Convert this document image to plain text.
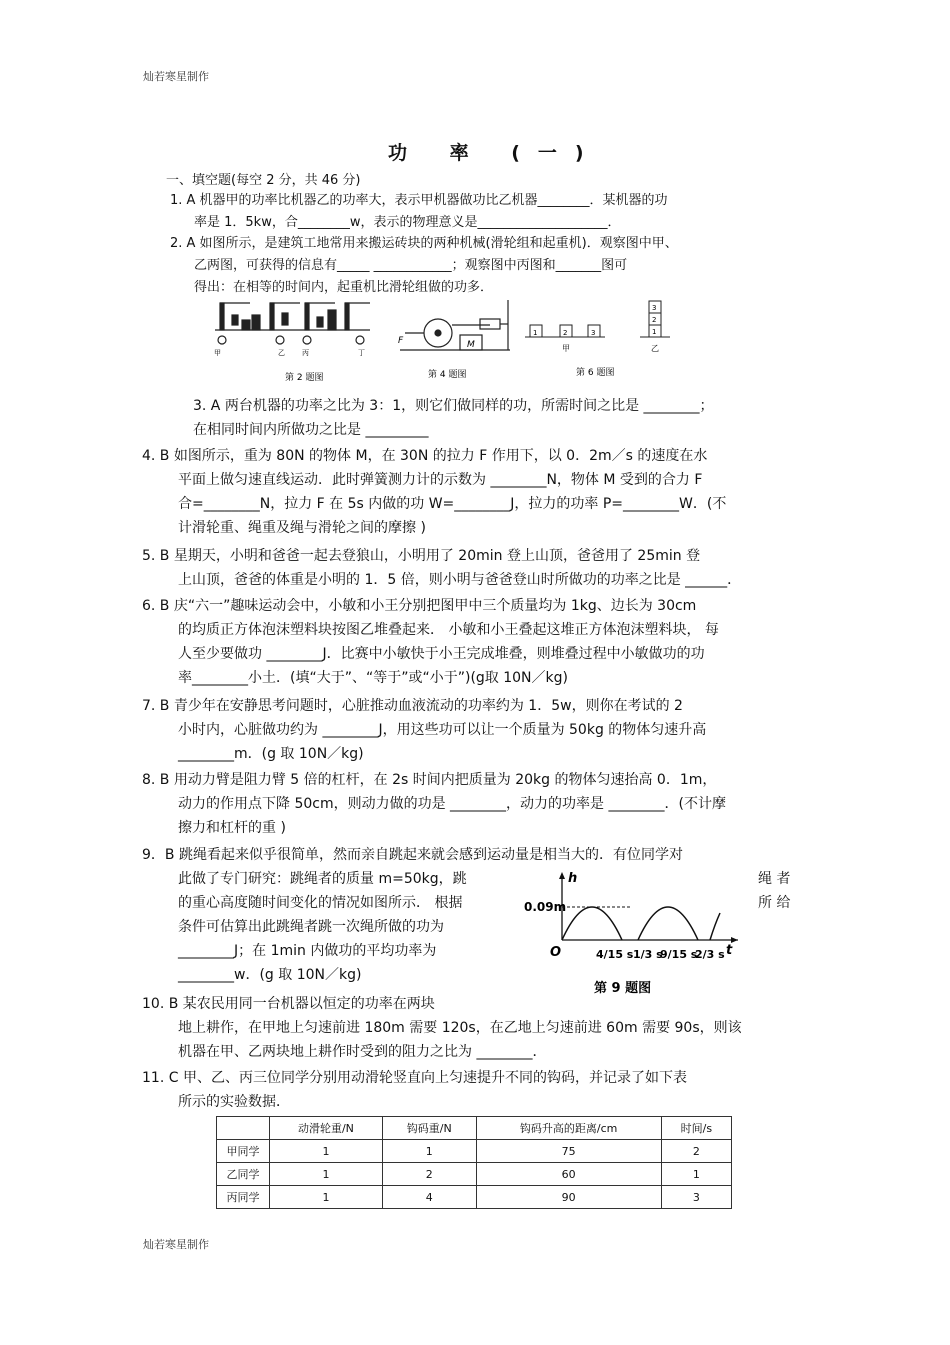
灿若寒星制作
功 率 (一)
一、填空题(每空 2 分，共 46 分)
1. A 机器甲的功率比机器乙的功率大，表示甲机器做功比乙机器________．某机器的功
率是 1．5kw，合________w，表示的物理意义是____________________．
2. A 如图所示，是建筑工地常用来搬运砖块的两种机械(滑轮组和起重机)．观察图中甲、
乙两图，可获得的信息有_____ ____________；观察图中丙图和_______图可
得出：在相等的时间内，起重机比滑轮组做的功多．
甲	乙 丙	丁
第 2 题图
F	M
第 4 题图
1	2	3
3
2
1
甲	乙
第 6 题图
3. A 两台机器的功率之比为 3：1，则它们做同样的功，所需时间之比是 ________；
在相同时间内所做功之比是 _________
4. B 如图所示，重为 80N 的物体 M，在 30N 的拉力 F 作用下，以 0．2m／s 的速度在水
平面上做匀速直线运动．此时弹簧测力计的示数为 ________N，物体 M 受到的合力 F
合=________N，拉力 F 在 5s 内做的功 W=________J，拉力的功率 P=________W．(不
计滑轮重、绳重及绳与滑轮之间的摩擦 )
5. B 星期天，小明和爸爸一起去登狼山，小明用了 20min 登上山顶，爸爸用了 25min 登
上山顶，爸爸的体重是小明的 1．5 倍，则小明与爸爸登山时所做功的功率之比是 ______．
6. B 庆“六一”趣味运动会中，小敏和小王分别把图甲中三个质量均为 1kg、边长为 30cm
的均质正方体泡沫塑料块按图乙堆叠起来． 小敏和小王叠起这堆正方体泡沫塑料块， 每
人至少要做功 ________J．比赛中小敏快于小王完成堆叠，则堆叠过程中小敏做功的功
率________小土．(填“大于”、“等于”或“小于”)(g取 10N／kg)
7. B 青少年在安静思考问题时，心脏推动血液流动的功率约为 1．5w，则你在考试的 2
小时内，心脏做功约为 ________J，用这些功可以让一个质量为 50kg 的物体匀速升高
________m．(g 取 10N／kg)
8. B 用动力臂是阻力臂 5 倍的杠杆，在 2s 时间内把质量为 20kg 的物体匀速抬高 0．1m，
动力的作用点下降 50cm，则动力做的功是 ________，动力的功率是 ________．(不计摩
擦力和杠杆的重 )
9．B 跳绳看起来似乎很简单，然而亲自跳起来就会感到运动量是相当大的．有位同学对
此做了专门研究：跳绳者的质量 m=50kg，跳
的重心高度随时间变化的情况如图所示． 根据
条件可估算出此跳绳者跳一次绳所做的功为
________J；在 1min 内做功的平均功率为
________w．(g 取 10N／kg)
绳 者
所 给
h
t
0.09m
O	4/15 s 1/3 s
9/15 s
2/3 s
第 9 题图
10. B 某农民用同一台机器以恒定的功率在两块
地上耕作，在甲地上匀速前进 180m 需要 120s，在乙地上匀速前进 60m 需要 90s，则该
机器在甲、乙两块地上耕作时受到的阻力之比为 ________．
11. C 甲、乙、丙三位同学分别用动滑轮竖直向上匀速提升不同的钩码，并记录了如下表
所示的实验数据．
	动滑轮重/N	钩码重/N	钩码升高的距离/cm	时间/s
甲同学	1	1	75	2
乙同学	1	2	60	1
丙同学	1	4	90	3
灿若寒星制作
